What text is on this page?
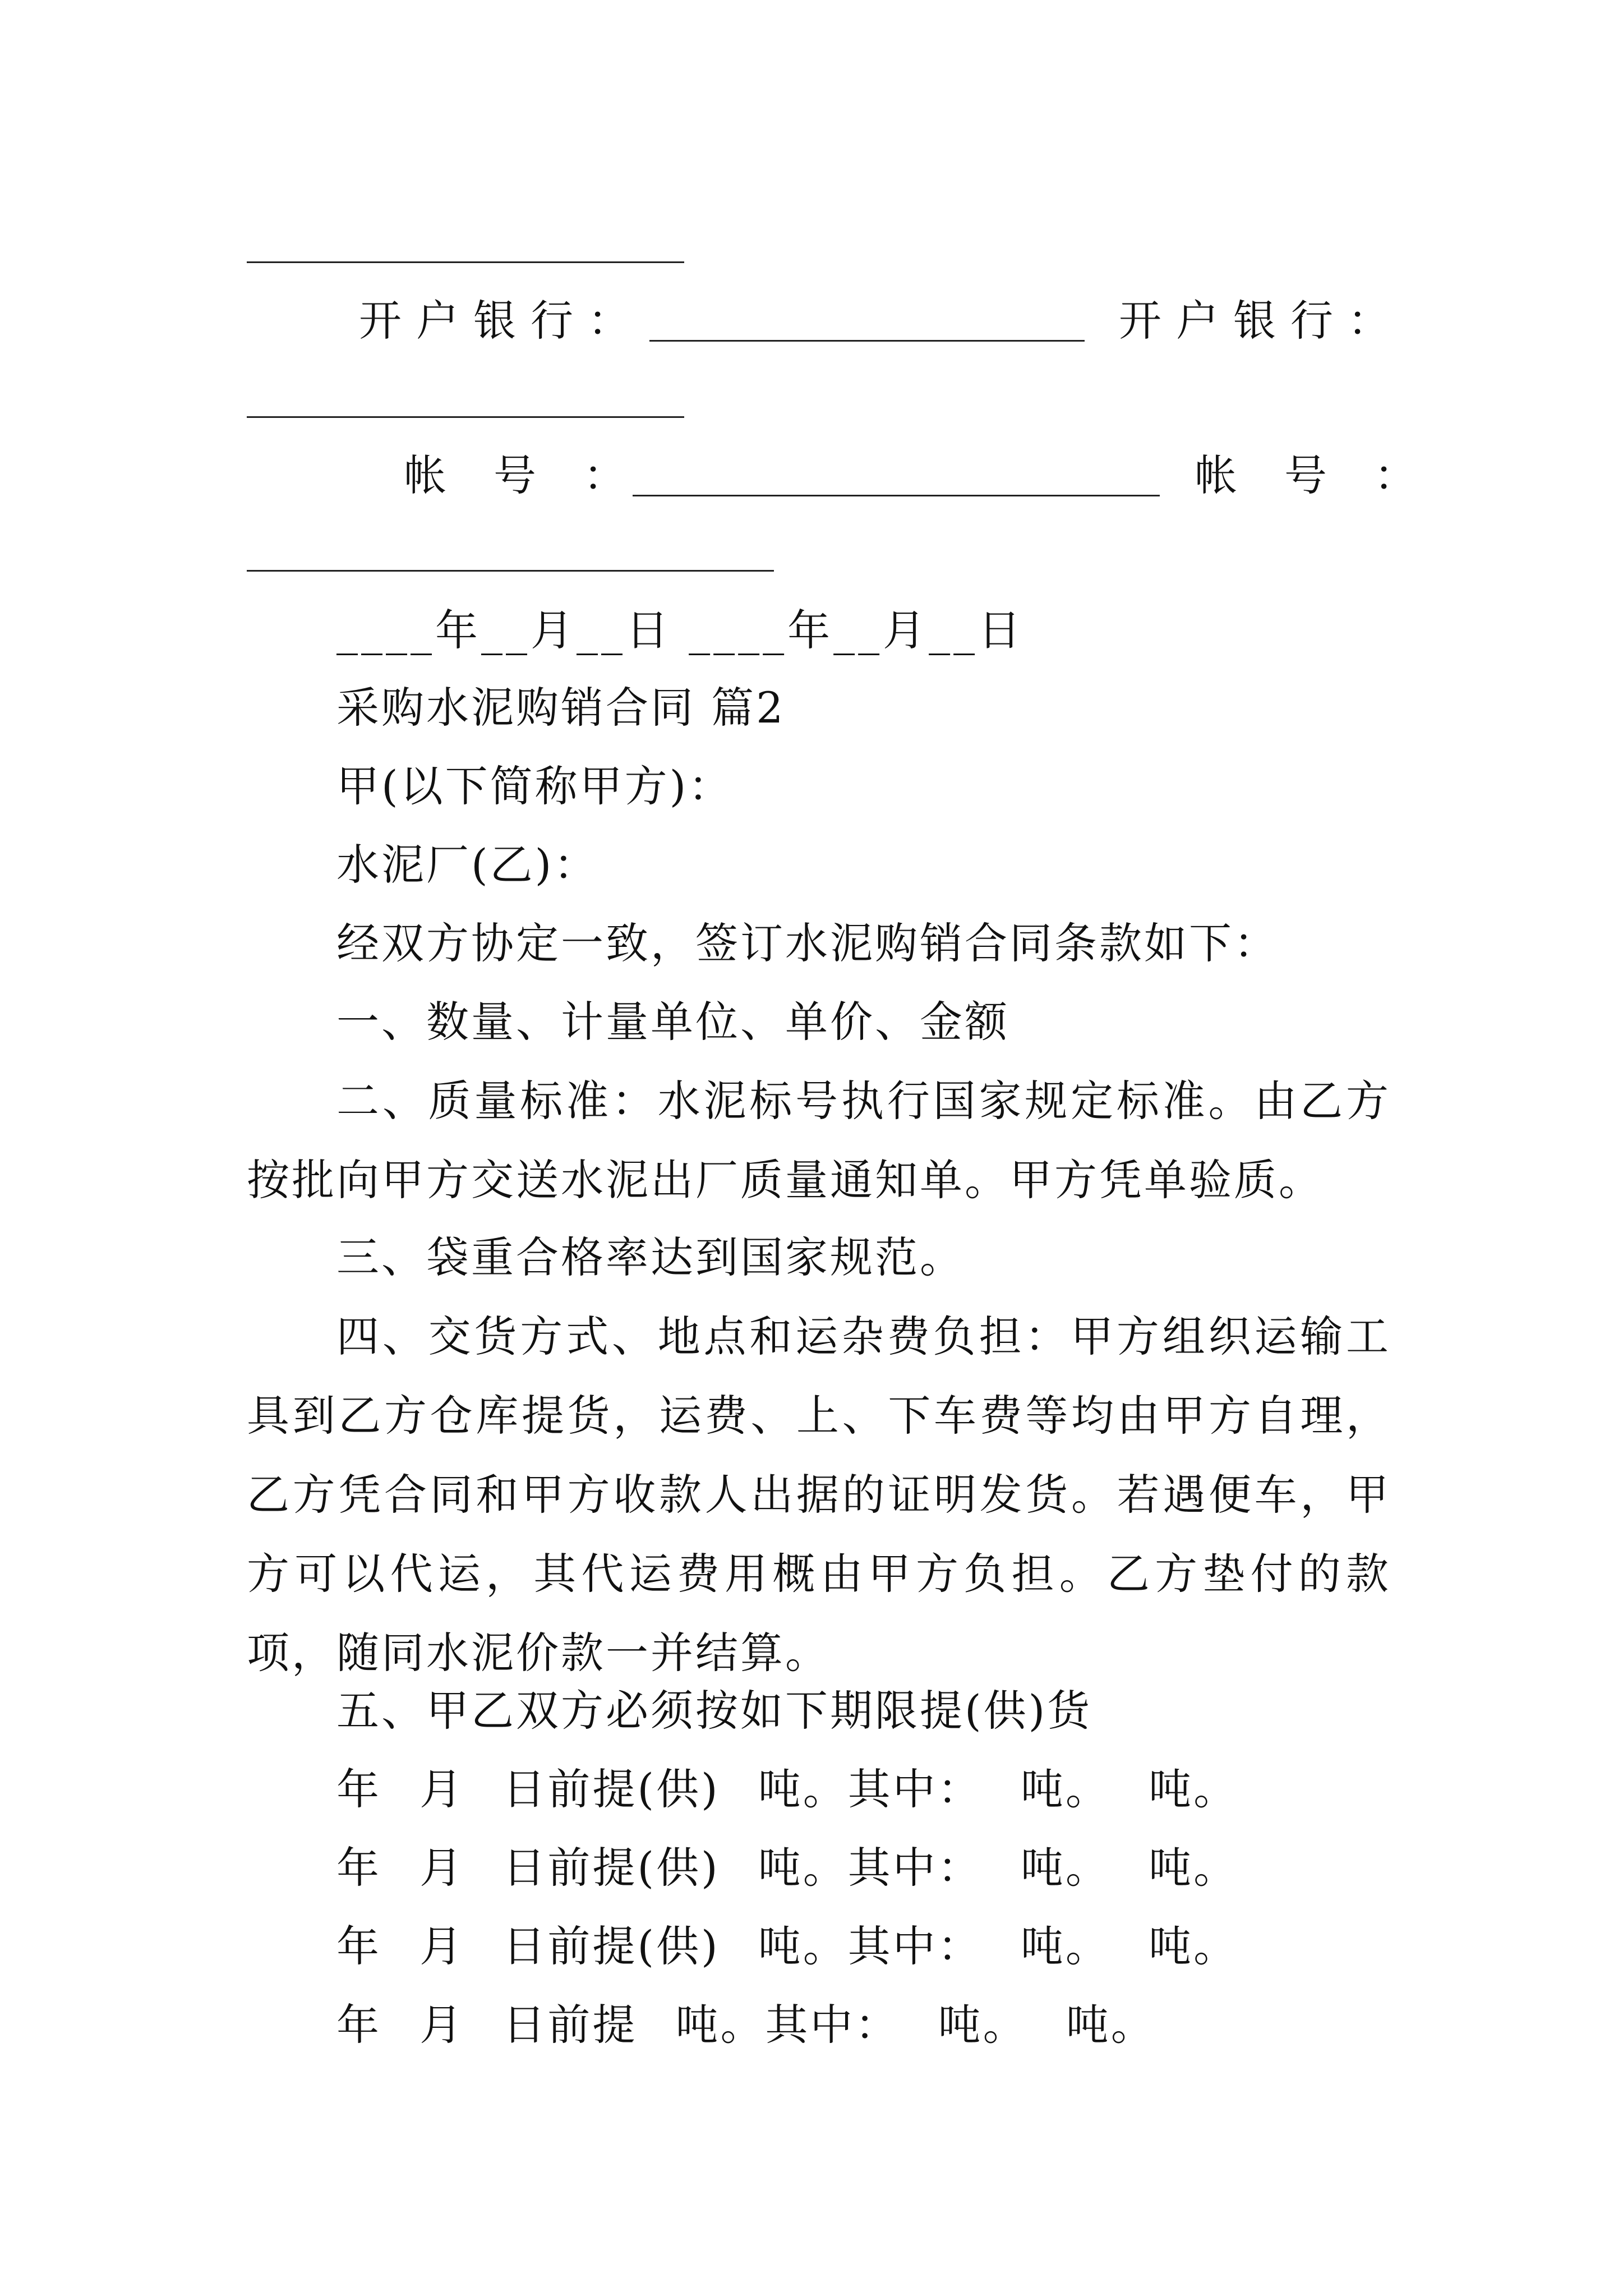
开户银行：	开户银行：
帐号：	帐号：
____年__月__日 ____年__月__日
采购水泥购销合同 篇2
甲(以下简称甲方)：
水泥厂(乙)：
经双方协定一致，签订水泥购销合同条款如下：
一、数量、计量单位、单价、金额
二、质量标准：水泥标号执行国家规定标准。由乙方按批向甲方交送水泥出厂质量通知单。甲方凭单验质。
三、袋重合格率达到国家规范。
四、交货方式、地点和运杂费负担：甲方组织运输工具到乙方仓库提货，运费、上、下车费等均由甲方自理，乙方凭合同和甲方收款人出据的证明发货。若遇便车，甲方可以代运，其代运费用概由甲方负担。乙方垫付的款项，随同水泥价款一并结算。
五、甲乙双方必须按如下期限提(供)货
年 月 日前提(供) 吨。其中： 吨。 吨。
年 月 日前提(供) 吨。其中： 吨。 吨。
年 月 日前提(供) 吨。其中： 吨。 吨。
年 月 日前提 吨。其中： 吨。 吨。
